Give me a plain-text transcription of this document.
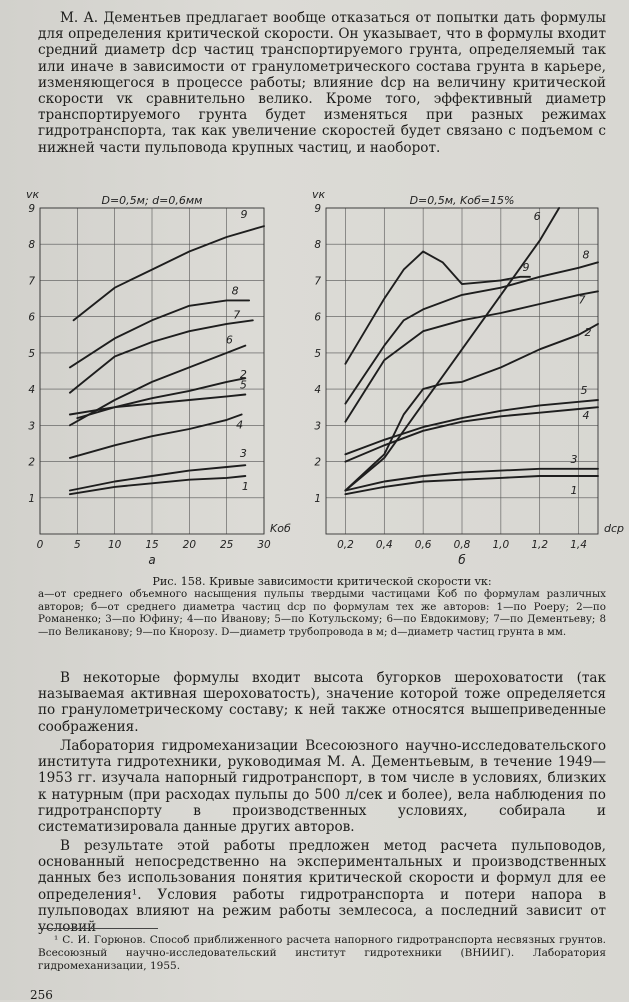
М. А. Дементьев предлагает вообще отказаться от попытки дать формулы для определения критической скорости. Он указывает, что в формулы входит средний диаметр dср частиц транспортируемого грунта, определяемый так или иначе в зависимости от гранулометрического состава грунта в карьере, изменяющегося в процессе работы; влияние dср на величину критической скорости vк сравнительно велико. Кроме того, эффективный диаметр транспортируемого грунта будет изменяться при разных режимах гидротранспорта, так как увеличение скоростей будет связано с подъемом с нижней части пульповода крупных частиц, и наоборот.

0	5	10 15 20 25 30
1
2
3
4
5
6
7
8
9
vк
Kоб
D=0,5м; d=0,6мм
а
1
2
3
4
5
6
7
8
9
0,2 0,4 0,6 0,8 1,0 1,2 1,4
1
2
3
4
5
6
7
8
9
vк
dср
D=0,5м, Kоб=15%
б
1
2
3
4
5
6
7
8
9

Рис. 158. Кривые зависимости критической скорости vк:
а—от среднего объемного насыщения пульпы твердыми частицами Kоб по формулам различных авторов; б—от среднего диаметра частиц dср по формулам тех же авторов: 1—по Роеру; 2—по Романенко; 3—по Юфину; 4—по Иванову; 5—по Котульскому; 6—по Евдокимову; 7—по Дементьеву; 8—по Великанову; 9—по Кнорозу. D—диаметр трубопровода в м; d—диаметр частиц грунта в мм.

В некоторые формулы входит высота бугорков шероховатости (так называемая активная шероховатость), значение которой тоже определяется по гранулометрическому составу; к ней также относятся вышеприведенные соображения.

Лаборатория гидромеханизации Всесоюзного научно-исследовательского института гидротехники, руководимая М. А. Дементьевым, в течение 1949—1953 гг. изучала напорный гидротранспорт, в том числе в условиях, близких к натурным (при расходах пульпы до 500 л/сек и более), вела наблюдения по гидротранспорту в производственных условиях, собирала и систематизировала данные других авторов.

В результате этой работы предложен метод расчета пульповодов, основанный непосредственно на экспериментальных и производственных данных без использования понятия критической скорости и формул для ее определения¹. Условия работы гидротранспорта и потери напора в пульповодах влияют на режим работы землесоса, а последний зависит от условий

¹ С. И. Горюнов. Способ приближенного расчета напорного гидротранспорта несвязных грунтов. Всесоюзный научно-исследовательский институт гидротехники (ВНИИГ). Лаборатория гидромеханизации, 1955.

256
